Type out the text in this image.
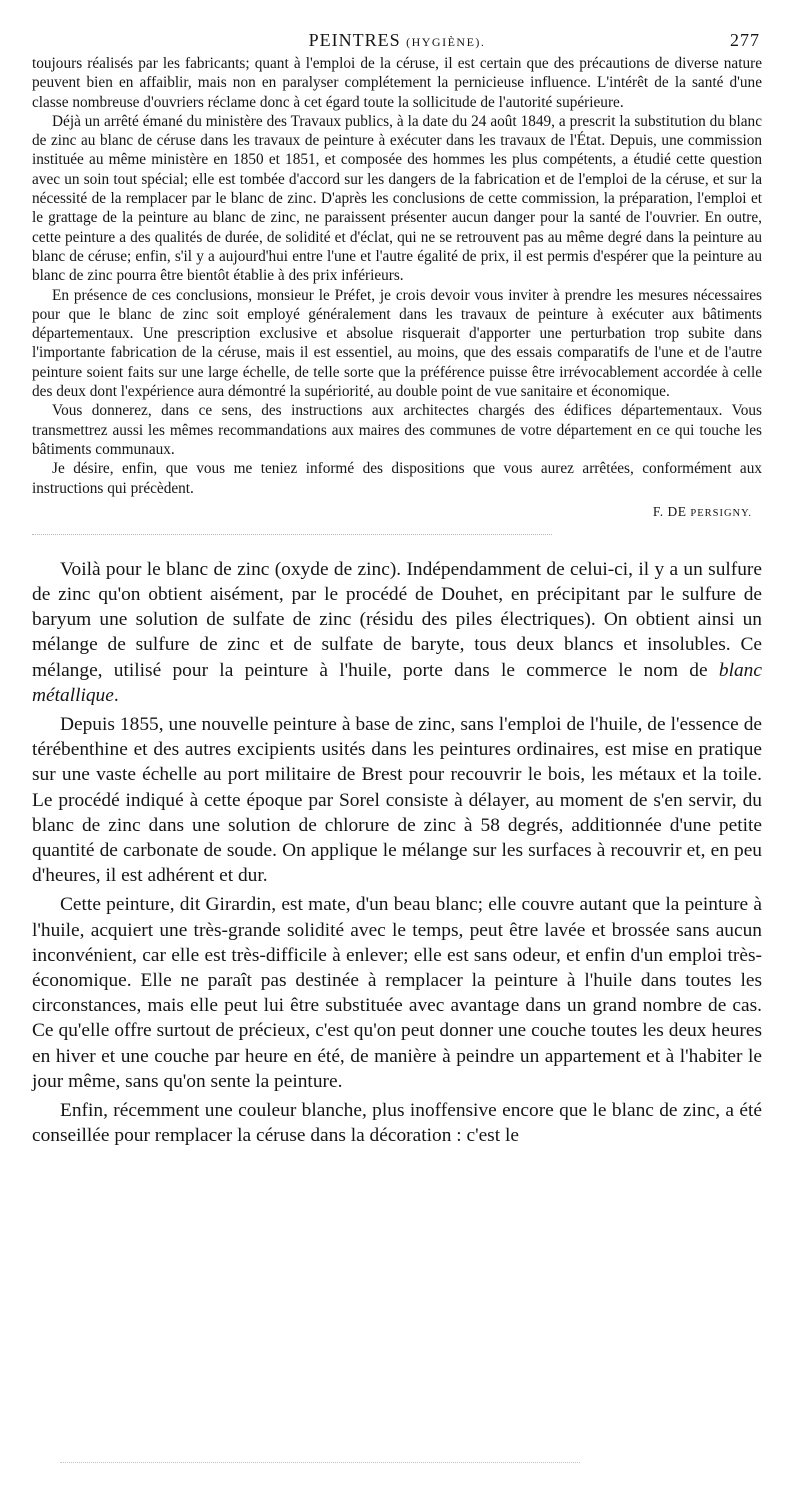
PEINTRES (HYGIÈNE).	277

toujours réalisés par les fabricants; quant à l'emploi de la céruse, il est certain que des précautions de diverse nature peuvent bien en affaiblir, mais non en paralyser complétement la pernicieuse influence. L'intérêt de la santé d'une classe nombreuse d'ouvriers réclame donc à cet égard toute la sollicitude de l'autorité supérieure.

Déjà un arrêté émané du ministère des Travaux publics, à la date du 24 août 1849, a prescrit la substitution du blanc de zinc au blanc de céruse dans les travaux de peinture à exécuter dans les travaux de l'État. Depuis, une commission instituée au même ministère en 1850 et 1851, et composée des hommes les plus compétents, a étudié cette question avec un soin tout spécial; elle est tombée d'accord sur les dangers de la fabrication et de l'emploi de la céruse, et sur la nécessité de la remplacer par le blanc de zinc. D'après les conclusions de cette commission, la préparation, l'emploi et le grattage de la peinture au blanc de zinc, ne paraissent présenter aucun danger pour la santé de l'ouvrier. En outre, cette peinture a des qualités de durée, de solidité et d'éclat, qui ne se retrouvent pas au même degré dans la peinture au blanc de céruse; enfin, s'il y a aujourd'hui entre l'une et l'autre égalité de prix, il est permis d'espérer que la peinture au blanc de zinc pourra être bientôt établie à des prix inférieurs.

En présence de ces conclusions, monsieur le Préfet, je crois devoir vous inviter à prendre les mesures nécessaires pour que le blanc de zinc soit employé généralement dans les travaux de peinture à exécuter aux bâtiments départementaux. Une prescription exclusive et absolue risquerait d'apporter une perturbation trop subite dans l'importante fabrication de la céruse, mais il est essentiel, au moins, que des essais comparatifs de l'une et de l'autre peinture soient faits sur une large échelle, de telle sorte que la préférence puisse être irrévocablement accordée à celle des deux dont l'expérience aura démontré la supériorité, au double point de vue sanitaire et économique.

Vous donnerez, dans ce sens, des instructions aux architectes chargés des édifices départementaux. Vous transmettrez aussi les mêmes recommandations aux maires des communes de votre département en ce qui touche les bâtiments communaux.

Je désire, enfin, que vous me teniez informé des dispositions que vous aurez arrêtées, conformément aux instructions qui précèdent.

F. DE PERSIGNY.

Voilà pour le blanc de zinc (oxyde de zinc). Indépendamment de celui-ci, il y a un sulfure de zinc qu'on obtient aisément, par le procédé de Douhet, en précipitant par le sulfure de baryum une solution de sulfate de zinc (résidu des piles électriques). On obtient ainsi un mélange de sulfure de zinc et de sulfate de baryte, tous deux blancs et insolubles. Ce mélange, utilisé pour la peinture à l'huile, porte dans le commerce le nom de blanc métallique.

Depuis 1855, une nouvelle peinture à base de zinc, sans l'emploi de l'huile, de l'essence de térébenthine et des autres excipients usités dans les peintures ordinaires, est mise en pratique sur une vaste échelle au port militaire de Brest pour recouvrir le bois, les métaux et la toile. Le procédé indiqué à cette époque par Sorel consiste à délayer, au moment de s'en servir, du blanc de zinc dans une solution de chlorure de zinc à 58 degrés, additionnée d'une petite quantité de carbonate de soude. On applique le mélange sur les surfaces à recouvrir et, en peu d'heures, il est adhérent et dur.

Cette peinture, dit Girardin, est mate, d'un beau blanc; elle couvre autant que la peinture à l'huile, acquiert une très-grande solidité avec le temps, peut être lavée et brossée sans aucun inconvénient, car elle est très-difficile à enlever; elle est sans odeur, et enfin d'un emploi très-économique. Elle ne paraît pas destinée à remplacer la peinture à l'huile dans toutes les circonstances, mais elle peut lui être substituée avec avantage dans un grand nombre de cas. Ce qu'elle offre surtout de précieux, c'est qu'on peut donner une couche toutes les deux heures en hiver et une couche par heure en été, de manière à peindre un appartement et à l'habiter le jour même, sans qu'on sente la peinture.

Enfin, récemment une couleur blanche, plus inoffensive encore que le blanc de zinc, a été conseillée pour remplacer la céruse dans la décoration : c'est le
